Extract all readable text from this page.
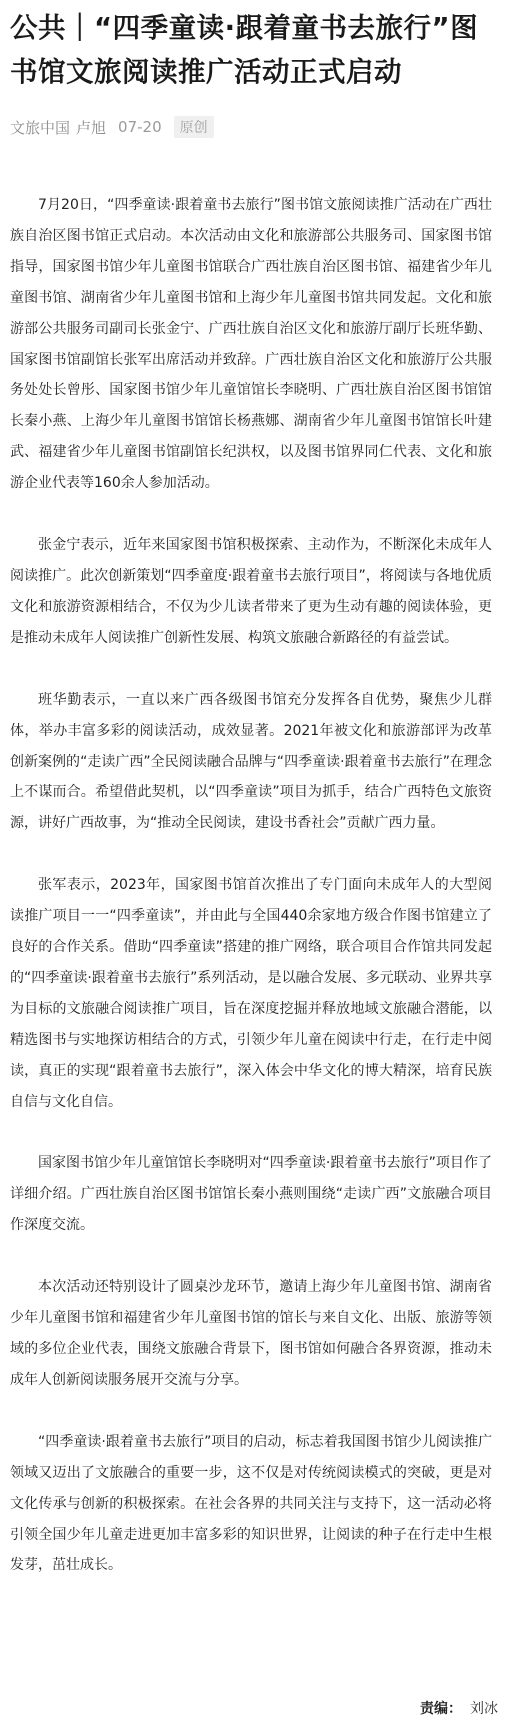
公共｜“四季童读·跟着童书去旅行”图书馆文旅阅读推广活动正式启动
文旅中国 卢旭 07-20	原创

7月20日，“四季童读·跟着童书去旅行”图书馆文旅阅读推广活动在广西壮族自治区图书馆正式启动。本次活动由文化和旅游部公共服务司、国家图书馆指导，国家图书馆少年儿童图书馆联合广西壮族自治区图书馆、福建省少年儿童图书馆、湖南省少年儿童图书馆和上海少年儿童图书馆共同发起。文化和旅游部公共服务司副司长张金宁、广西壮族自治区文化和旅游厅副厅长班华勤、国家图书馆副馆长张军出席活动并致辞。广西壮族自治区文化和旅游厅公共服务处处长曾彤、国家图书馆少年儿童馆馆长李晓明、广西壮族自治区图书馆馆长秦小燕、上海少年儿童图书馆馆长杨燕娜、湖南省少年儿童图书馆馆长叶建武、福建省少年儿童图书馆副馆长纪洪权，以及图书馆界同仁代表、文化和旅游企业代表等160余人参加活动。

张金宁表示，近年来国家图书馆积极探索、主动作为，不断深化未成年人阅读推广。此次创新策划“四季童度·跟着童书去旅行项目”，将阅读与各地优质文化和旅游资源相结合，不仅为少儿读者带来了更为生动有趣的阅读体验，更是推动未成年人阅读推广创新性发展、构筑文旅融合新路径的有益尝试。

班华勤表示，一直以来广西各级图书馆充分发挥各自优势，聚焦少儿群体，举办丰富多彩的阅读活动，成效显著。2021年被文化和旅游部评为改革创新案例的“走读广西”全民阅读融合品牌与“四季童读·跟着童书去旅行”在理念上不谋而合。希望借此契机，以“四季童读”项目为抓手，结合广西特色文旅资源，讲好广西故事，为“推动全民阅读，建设书香社会”贡献广西力量。

张军表示，2023年，国家图书馆首次推出了专门面向未成年人的大型阅读推广项目一一“四季童读”，并由此与全国440余家地方级合作图书馆建立了良好的合作关系。借助“四季童读”搭建的推广网络，联合项目合作馆共同发起的“四季童读·跟着童书去旅行”系列活动，是以融合发展、多元联动、业界共享为目标的文旅融合阅读推广项目，旨在深度挖掘并释放地域文旅融合潜能，以精选图书与实地探访相结合的方式，引领少年儿童在阅读中行走，在行走中阅读，真正的实现“跟着童书去旅行”，深入体会中华文化的博大精深，培育民族自信与文化自信。

国家图书馆少年儿童馆馆长李晓明对“四季童读·跟着童书去旅行”项目作了详细介绍。广西壮族自治区图书馆馆长秦小燕则围绕“走读广西”文旅融合项目作深度交流。

本次活动还特别设计了圆桌沙龙环节，邀请上海少年儿童图书馆、湖南省少年儿童图书馆和福建省少年儿童图书馆的馆长与来自文化、出版、旅游等领域的多位企业代表，围绕文旅融合背景下，图书馆如何融合各界资源，推动未成年人创新阅读服务展开交流与分享。

“四季童读·跟着童书去旅行”项目的启动，标志着我国图书馆少儿阅读推广领域又迈出了文旅融合的重要一步，这不仅是对传统阅读模式的突破，更是对文化传承与创新的积极探索。在社会各界的共同关注与支持下，这一活动必将引领全国少年儿童走进更加丰富多彩的知识世界，让阅读的种子在行走中生根发芽，茁壮成长。

责编： 刘冰
